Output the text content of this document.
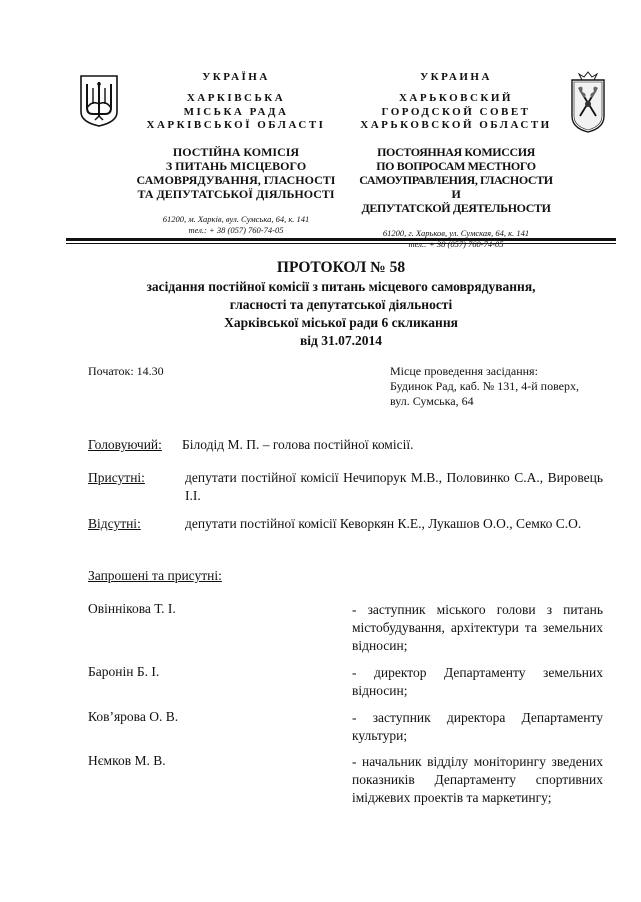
УКРАЇНА
ХАРКІВСЬКА
МІСЬКА РАДА
ХАРКІВСЬКОЇ ОБЛАСТІ
ПОСТІЙНА КОМІСІЯ
З ПИТАНЬ МІСЦЕВОГО
САМОВРЯДУВАННЯ, ГЛАСНОСТІ
ТА ДЕПУТАТСЬКОЇ ДІЯЛЬНОСТІ
61200, м. Харків, вул. Сумська, 64, к. 141
тел.: + 38 (057) 760-74-05
УКРАИНА
ХАРЬКОВСКИЙ
ГОРОДСКОЙ СОВЕТ
ХАРЬКОВСКОЙ ОБЛАСТИ
ПОСТОЯННАЯ КОМИССИЯ
ПО ВОПРОСАМ МЕСТНОГО
САМОУПРАВЛЕНИЯ, ГЛАСНОСТИ И
ДЕПУТАТСКОЙ ДЕЯТЕЛЬНОСТИ
61200, г. Харьков, ул. Сумская, 64, к. 141
ПРОТОКОЛ № 58
засідання постійної комісії з питань місцевого самоврядування,
гласності та депутатської діяльності
Харківської міської ради 6 скликання
від 31.07.2014
Початок: 14.30	Місце проведення засідання:
Будинок Рад, каб. № 131, 4-й поверх,
вул. Сумська, 64
Головуючий: Білодід М. П. – голова постійної комісії.
Присутні:	депутати постійної комісії Нечипорук М.В., Половинко С.А., Вировець І.І.
Відсутні:	депутати постійної комісії Кеворкян К.Е., Лукашов О.О., Семко С.О.
Запрошені та присутні:
Овіннікова Т. І.	- заступник міського голови з питань містобудування, архітектури та земельних відносин;
Баронін Б. І.	- директор Департаменту земельних відносин;
Ков’ярова О. В.	- заступник директора Департаменту культури;
Нємков М. В.	- начальник відділу моніторингу зведених показників Департаменту спортивних іміджевих проектів та маркетингу;
